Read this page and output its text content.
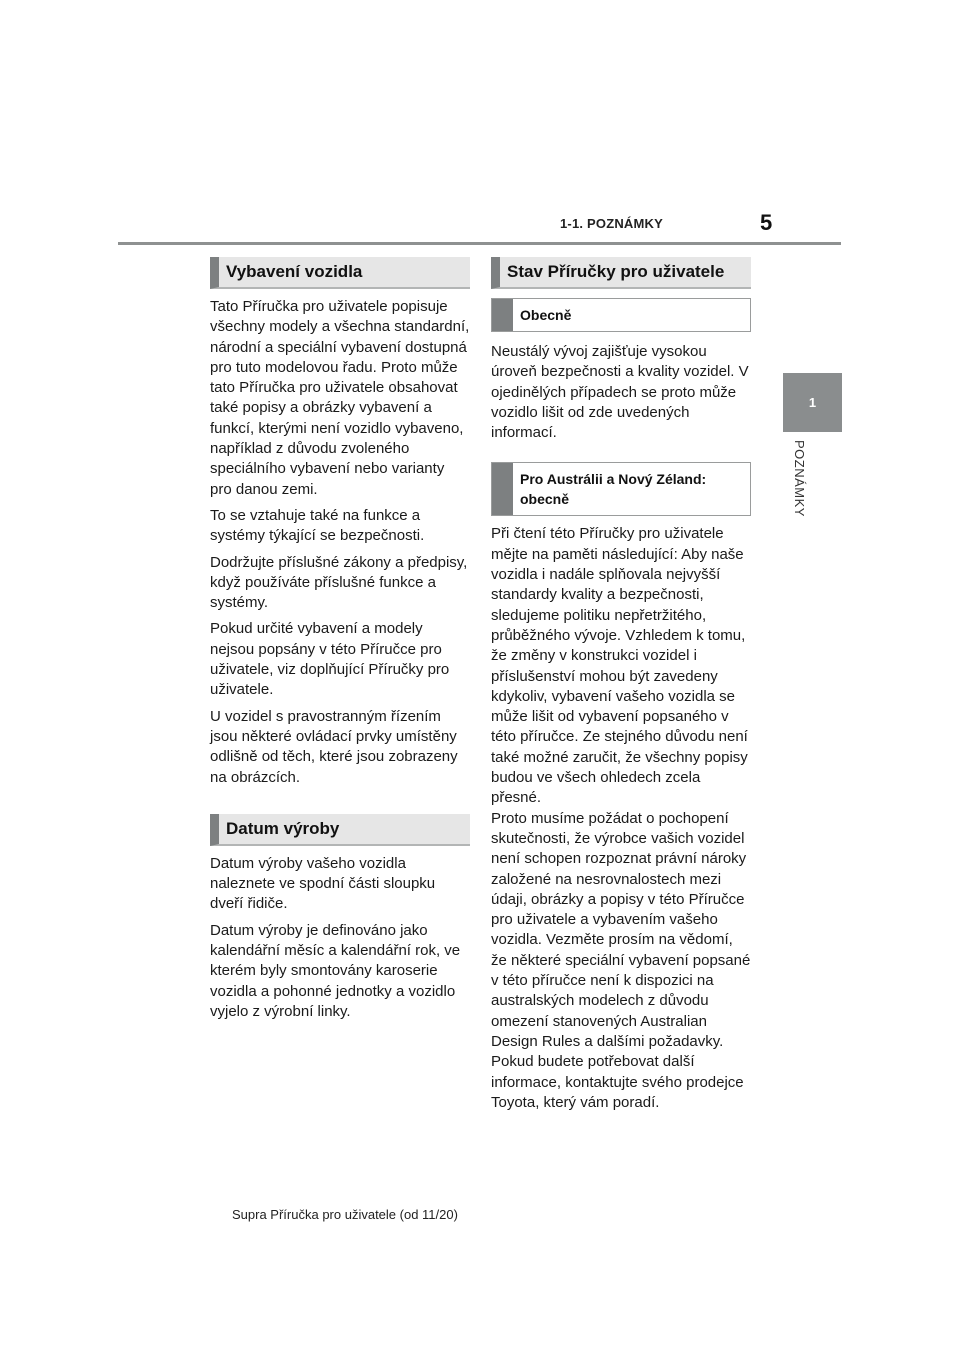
1-1. POZNÁMKY	5
1
POZNÁMKY
Vybavení vozidla

Tato Příručka pro uživatele popisuje všechny modely a všechna standardní, národní a speciální vybavení dostupná pro tuto modelovou řadu. Proto může tato Příručka pro uživatele obsahovat také popisy a obrázky vybavení a funkcí, kterými není vozidlo vybaveno, například z důvodu zvoleného speciálního vybavení nebo varianty pro danou zemi.

To se vztahuje také na funkce a systémy týkající se bezpečnosti.

Dodržujte příslušné zákony a předpisy, když používáte příslušné funkce a systémy.

Pokud určité vybavení a modely nejsou popsány v této Příručce pro uživatele, viz doplňující Příručky pro uživatele.

U vozidel s pravostranným řízením jsou některé ovládací prvky umístěny odlišně od těch, které jsou zobrazeny na obrázcích.

Datum výroby

Datum výroby vašeho vozidla naleznete ve spodní části sloupku dveří řidiče.

Datum výroby je definováno jako kalendářní měsíc a kalendářní rok, ve kterém byly smontovány karoserie vozidla a pohonné jednotky a vozidlo vyjelo z výrobní linky.

Stav Příručky pro uživatele
Obecně

Neustálý vývoj zajišťuje vysokou úroveň bezpečnosti a kvality vozidel. V ojedinělých případech se proto může vozidlo lišit od zde uvedených informací.

Pro Austrálii a Nový Zéland: obecně

Při čtení této Příručky pro uživatele mějte na paměti následující: Aby naše vozidla i nadále splňovala nejvyšší standardy kvality a bezpečnosti, sledujeme politiku nepřetržitého, průběžného vývoje. Vzhledem k tomu, že změny v konstrukci vozidel i příslušenství mohou být zavedeny kdykoliv, vybavení vašeho vozidla se může lišit od vybavení popsaného v této příručce. Ze stejného důvodu není také možné zaručit, že všechny popisy budou ve všech ohledech zcela přesné.

Proto musíme požádat o pochopení skutečnosti, že výrobce vašich vozidel není schopen rozpoznat právní nároky založené na nesrovnalostech mezi údaji, obrázky a popisy v této Příručce pro uživatele a vybavením vašeho vozidla. Vezměte prosím na vědomí, že některé speciální vybavení popsané v této příručce není k dispozici na australských modelech z důvodu omezení stanovených Australian Design Rules a dalšími požadavky.

Pokud budete potřebovat další informace, kontaktujte svého prodejce Toyota, který vám poradí.

Supra Příručka pro uživatele (od 11/20)
